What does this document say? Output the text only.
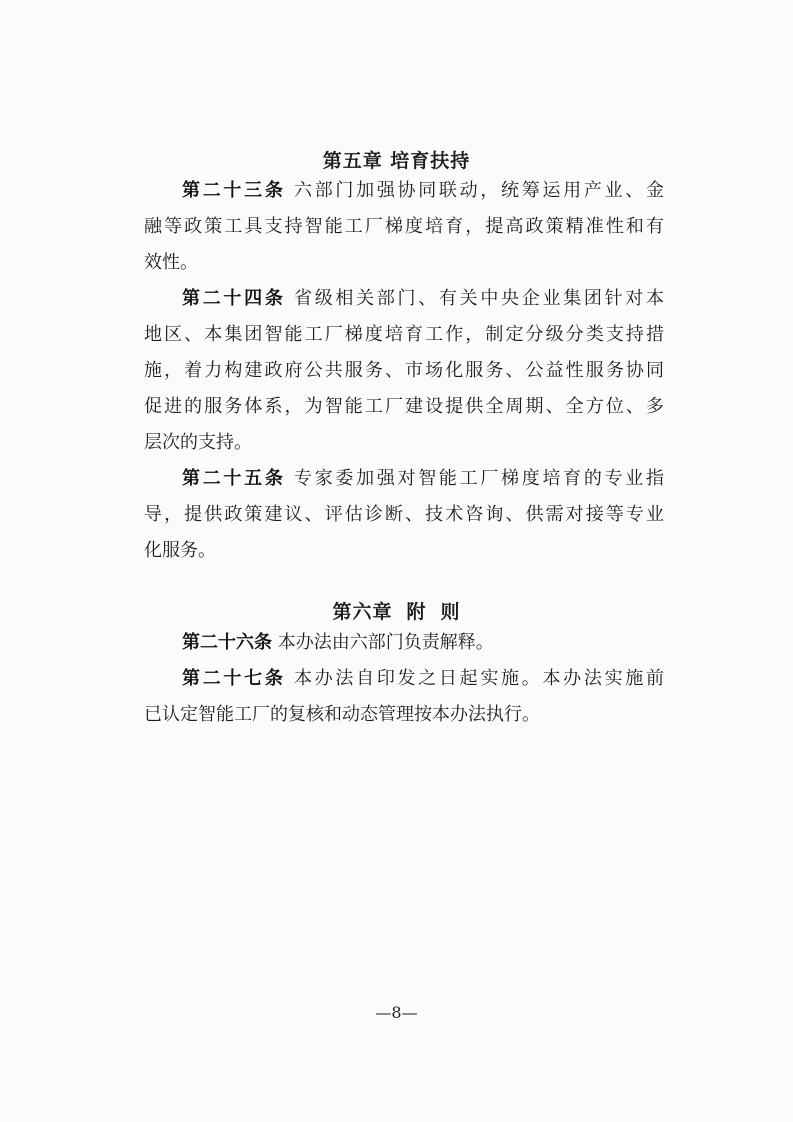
第五章 培育扶持
第二十三条 六部门加强协同联动，统筹运用产业、金
融等政策工具支持智能工厂梯度培育，提高政策精准性和有
效性。
第二十四条 省级相关部门、有关中央企业集团针对本
地区、本集团智能工厂梯度培育工作，制定分级分类支持措
施，着力构建政府公共服务、市场化服务、公益性服务协同
促进的服务体系，为智能工厂建设提供全周期、全方位、多
层次的支持。
第二十五条 专家委加强对智能工厂梯度培育的专业指
导，提供政策建议、评估诊断、技术咨询、供需对接等专业
化服务。
第六章 附 则
第二十六条 本办法由六部门负责解释。
第二十七条 本办法自印发之日起实施。本办法实施前
已认定智能工厂的复核和动态管理按本办法执行。
—8—
